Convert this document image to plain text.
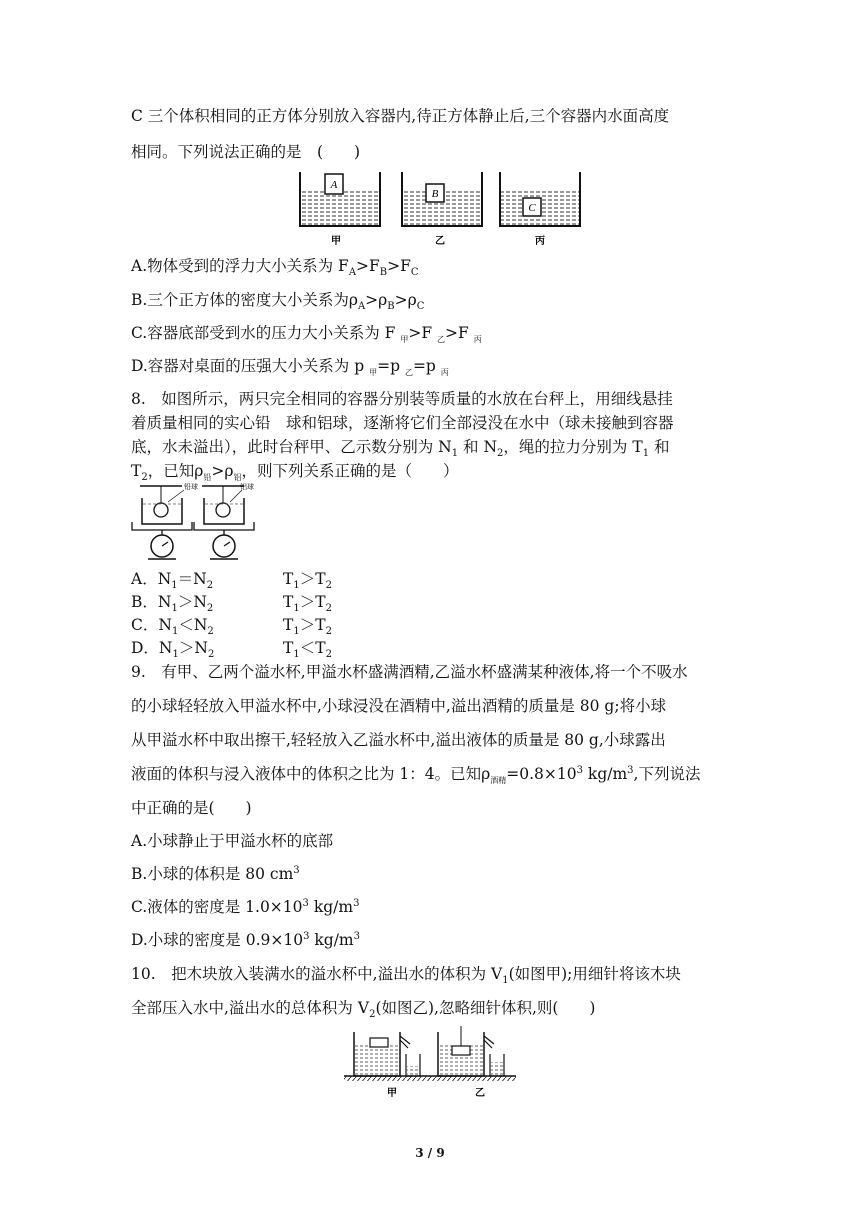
C 三个体积相同的正方体分别放入容器内,待正方体静止后,三个容器内水面高度
相同。下列说法正确的是　(　　)
A
B
C
甲	乙	丙
A.物体受到的浮力大小关系为 $F_A>F_B>F_C$
B.三个正方体的密度大小关系为$\rho_A>\rho_B>\rho_C$
C.容器底部受到水的压力大小关系为 F $_甲$>F $_乙$>F $_丙$
D.容器对桌面的压强大小关系为 p $_甲$=p $_乙$=p $_丙$
8.　如图所示，两只完全相同的容器分别装等质量的水放在台秤上，用细线悬挂
着质量相同的实心铅　球和铝球，逐渐将它们全部浸没在水中（球未接触到容器
底，水未溢出），此时台秤甲、乙示数分别为 $N_1$ 和 $N_2$，绳的拉力分别为 $T_1$ 和
$T_2$，已知$\rho_铅>\rho_铝$，则下列关系正确的是（　　）
铅球	铝球
A．$N_1=N_2$	$T_1>T_2$
B．$N_1>N_2$	$T_1>T_2$
C．$N_1<N_2$	$T_1>T_2$
D．$N_1>N_2$	$T_1<T_2$
9.　有甲、乙两个溢水杯,甲溢水杯盛满酒精,乙溢水杯盛满某种液体,将一个不吸水
的小球轻轻放入甲溢水杯中,小球浸没在酒精中,溢出酒精的质量是 80 g;将小球
从甲溢水杯中取出擦干,轻轻放入乙溢水杯中,溢出液体的质量是 80 g,小球露出
液面的体积与浸入液体中的体积之比为 1：4。已知$\rho_{酒精}=0.8\times 10^3$ $kg/m^3$,下列说法
中正确的是(　　)
A.小球静止于甲溢水杯的底部
B.小球的体积是 80 $cm^3$
C.液体的密度是 $1.0\times 10^3$ $kg/m^3$
D.小球的密度是 $0.9\times 10^3$ $kg/m^3$
10.　把木块放入装满水的溢水杯中,溢出水的体积为 $V_1$(如图甲);用细针将该木块
全部压入水中,溢出水的总体积为 $V_2$(如图乙),忽略细针体积,则(　　)
甲	乙
3 / 9
